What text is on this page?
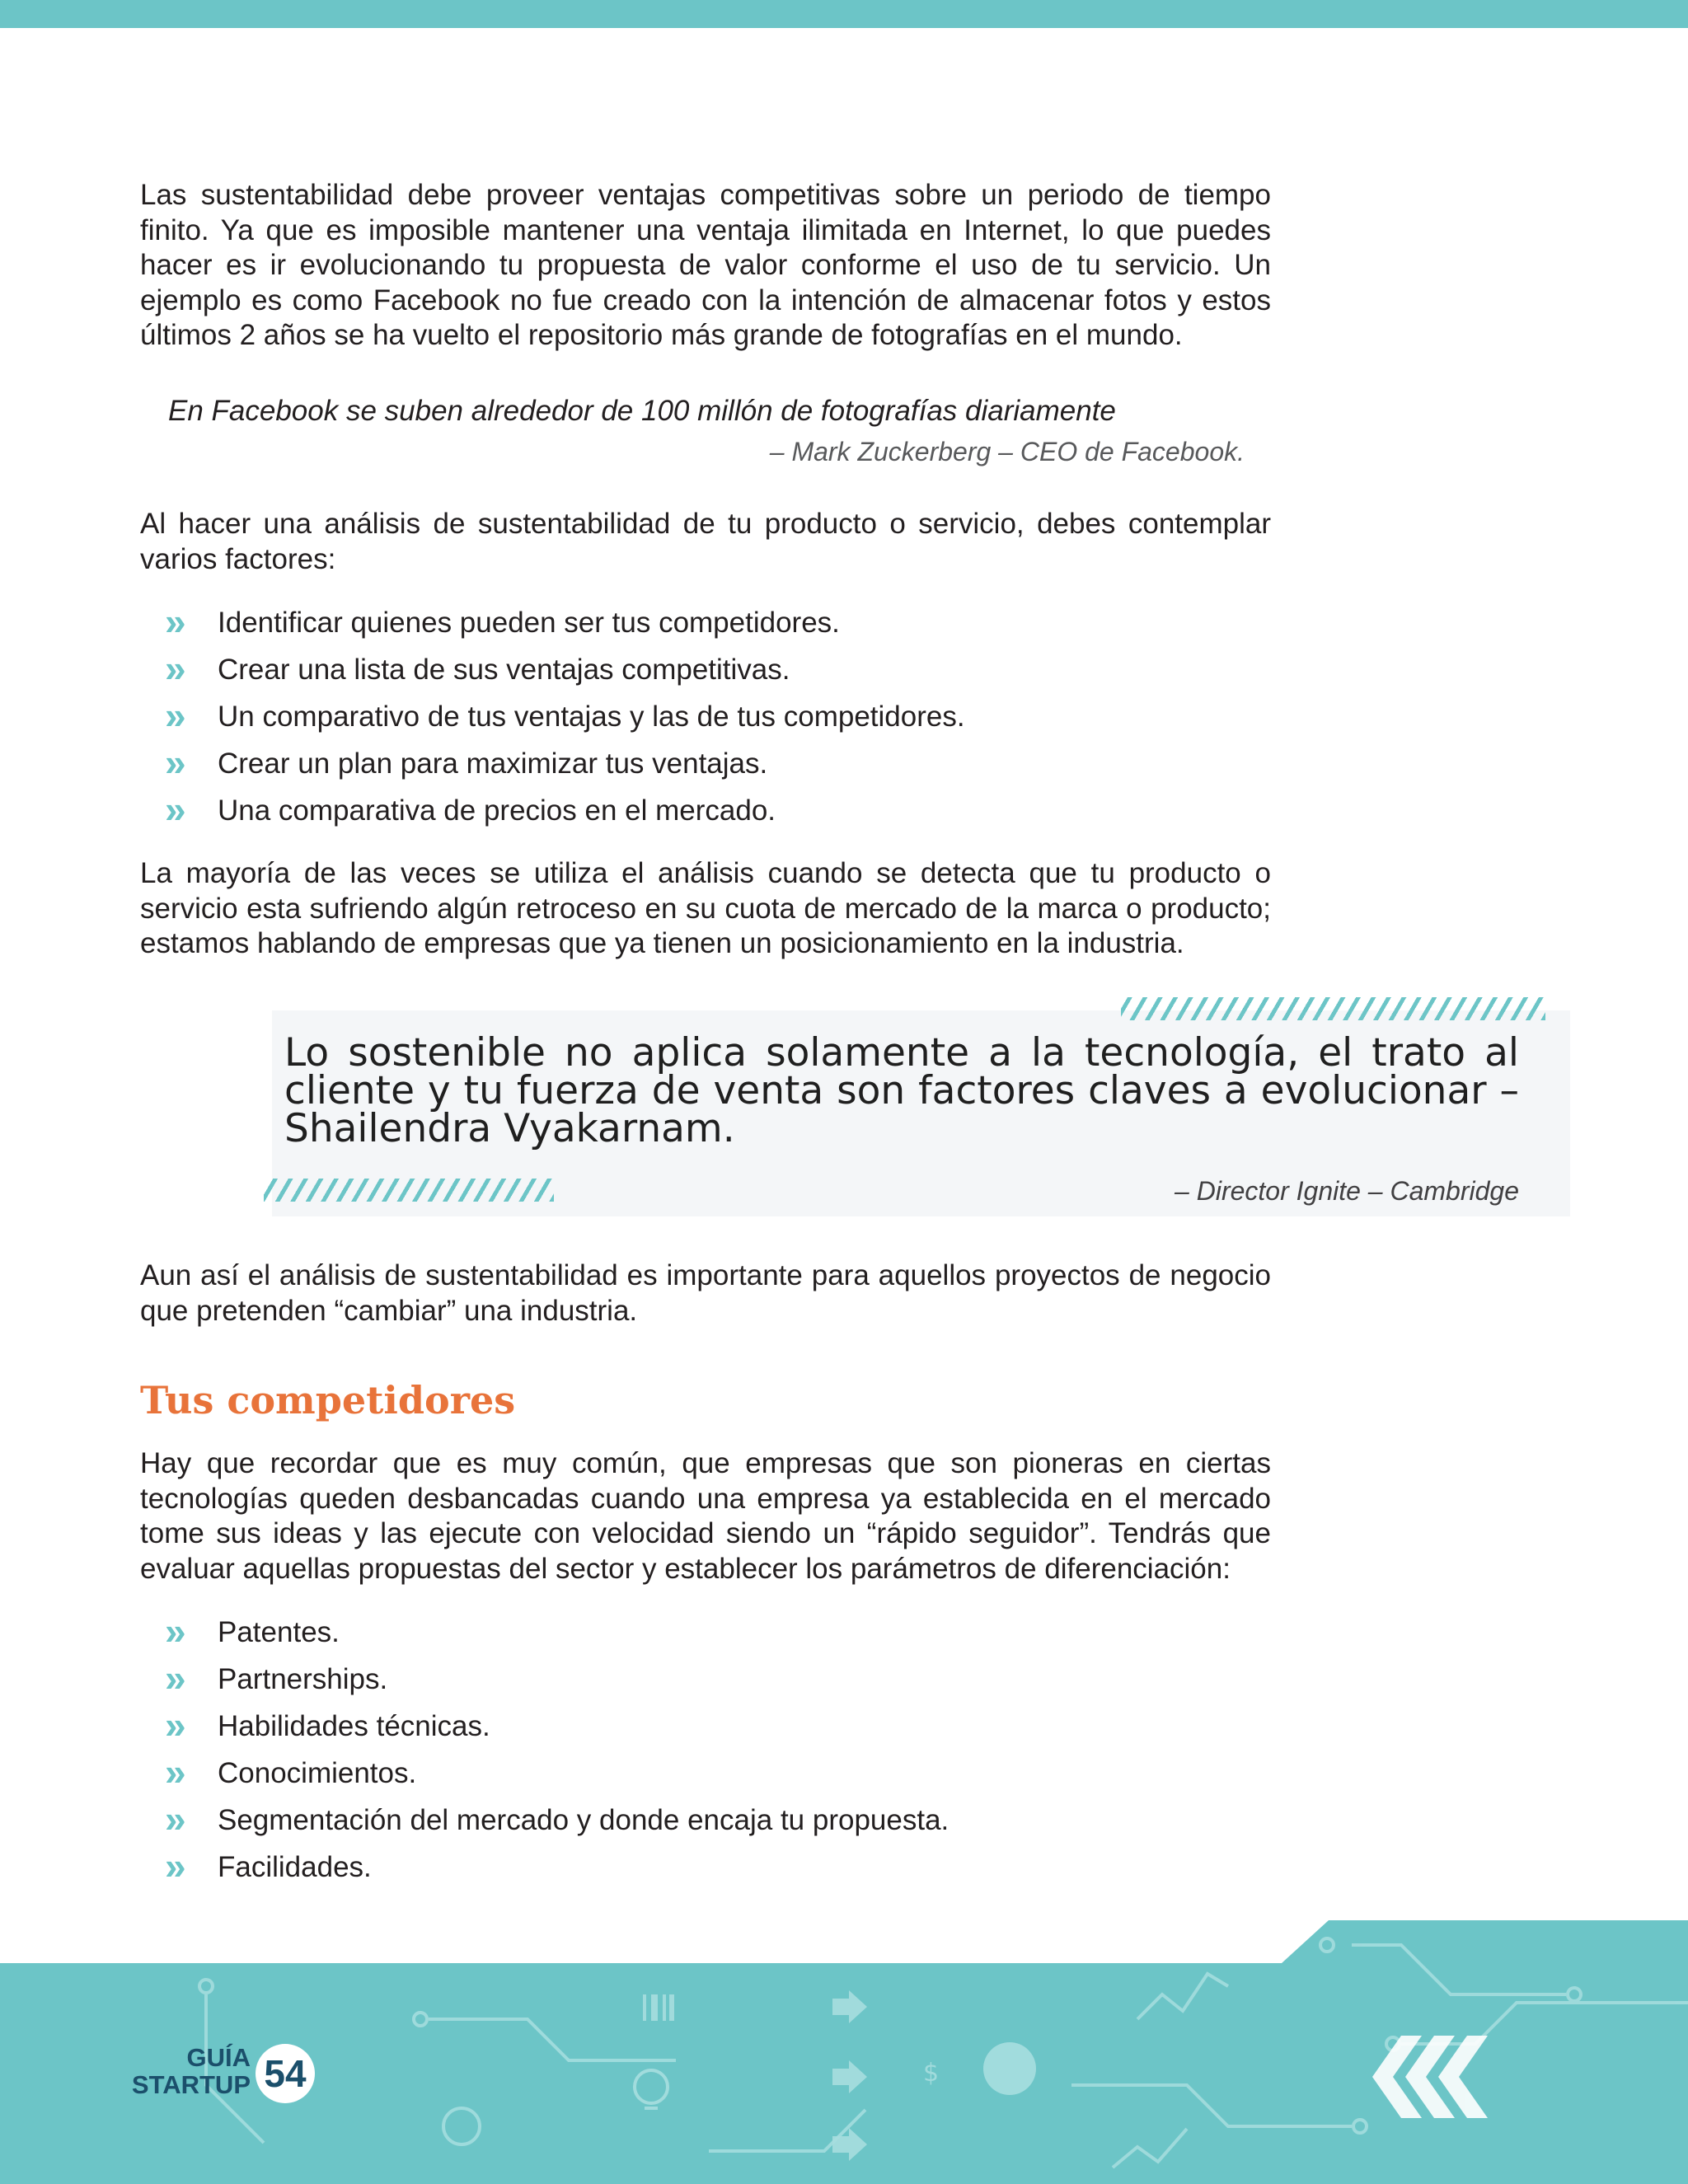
Las sustentabilidad debe proveer ventajas competitivas sobre un periodo de tiempo finito. Ya que es imposible mantener una ventaja ilimitada en Internet, lo que puedes hacer es ir evolucionando tu propuesta de valor conforme el uso de tu servicio. Un ejemplo es como Facebook no fue creado con la intención de almacenar fotos y estos últimos 2 años se ha vuelto el repositorio más grande de fotografías en el mundo.

En Facebook se suben alrededor de 100 millón de fotografías diariamente

– Mark Zuckerberg – CEO de Facebook.

Al hacer una análisis de sustentabilidad de tu producto o servicio, debes contemplar varios factores:

»	Identificar quienes pueden ser tus competidores.
»	Crear una lista de sus ventajas competitivas.
»	Un comparativo de tus ventajas y las de tus competidores.
»	Crear un plan para maximizar tus ventajas.
»	Una comparativa de precios en el mercado.

La mayoría de las veces se utiliza el análisis cuando se detecta que tu producto o servicio esta sufriendo algún retroceso en su cuota de mercado de la marca o producto; estamos hablando de empresas que ya tienen un posicionamiento en la industria.

Lo sostenible no aplica solamente a la tecnología, el trato al cliente y tu fuerza de venta son factores claves a evolucionar – Shailendra Vyakarnam.

– Director Ignite – Cambridge

Aun así el análisis de sustentabilidad es importante para aquellos proyectos de negocio que pretenden “cambiar” una industria.

Tus competidores

Hay que recordar que es muy común, que empresas que son pioneras en ciertas tecnologías queden desbancadas cuando una empresa ya establecida en el mercado tome sus ideas y las ejecute con velocidad siendo un “rápido seguidor”. Tendrás que evaluar aquellas propuestas del sector y establecer los parámetros de diferenciación:

»	Patentes.
»	Partnerships.
»	Habilidades técnicas.
»	Conocimientos.
»	Segmentación del mercado y donde encaja tu propuesta.
»	Facilidades.
$
GUÍA
STARTUP 54
